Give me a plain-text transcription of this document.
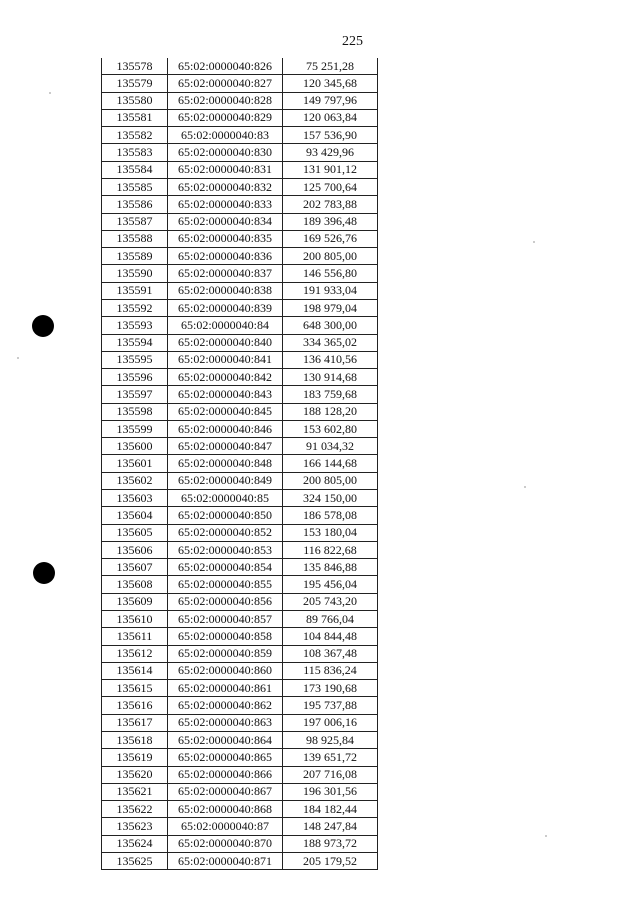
225
135578	65:02:0000040:826	75 251,28
135579	65:02:0000040:827	120 345,68
135580	65:02:0000040:828	149 797,96
135581	65:02:0000040:829	120 063,84
135582	65:02:0000040:83	157 536,90
135583	65:02:0000040:830	93 429,96
135584	65:02:0000040:831	131 901,12
135585	65:02:0000040:832	125 700,64
135586	65:02:0000040:833	202 783,88
135587	65:02:0000040:834	189 396,48
135588	65:02:0000040:835	169 526,76
135589	65:02:0000040:836	200 805,00
135590	65:02:0000040:837	146 556,80
135591	65:02:0000040:838	191 933,04
135592	65:02:0000040:839	198 979,04
135593	65:02:0000040:84	648 300,00
135594	65:02:0000040:840	334 365,02
135595	65:02:0000040:841	136 410,56
135596	65:02:0000040:842	130 914,68
135597	65:02:0000040:843	183 759,68
135598	65:02:0000040:845	188 128,20
135599	65:02:0000040:846	153 602,80
135600	65:02:0000040:847	91 034,32
135601	65:02:0000040:848	166 144,68
135602	65:02:0000040:849	200 805,00
135603	65:02:0000040:85	324 150,00
135604	65:02:0000040:850	186 578,08
135605	65:02:0000040:852	153 180,04
135606	65:02:0000040:853	116 822,68
135607	65:02:0000040:854	135 846,88
135608	65:02:0000040:855	195 456,04
135609	65:02:0000040:856	205 743,20
135610	65:02:0000040:857	89 766,04
135611	65:02:0000040:858	104 844,48
135612	65:02:0000040:859	108 367,48
135614	65:02:0000040:860	115 836,24
135615	65:02:0000040:861	173 190,68
135616	65:02:0000040:862	195 737,88
135617	65:02:0000040:863	197 006,16
135618	65:02:0000040:864	98 925,84
135619	65:02:0000040:865	139 651,72
135620	65:02:0000040:866	207 716,08
135621	65:02:0000040:867	196 301,56
135622	65:02:0000040:868	184 182,44
135623	65:02:0000040:87	148 247,84
135624	65:02:0000040:870	188 973,72
135625	65:02:0000040:871	205 179,52
